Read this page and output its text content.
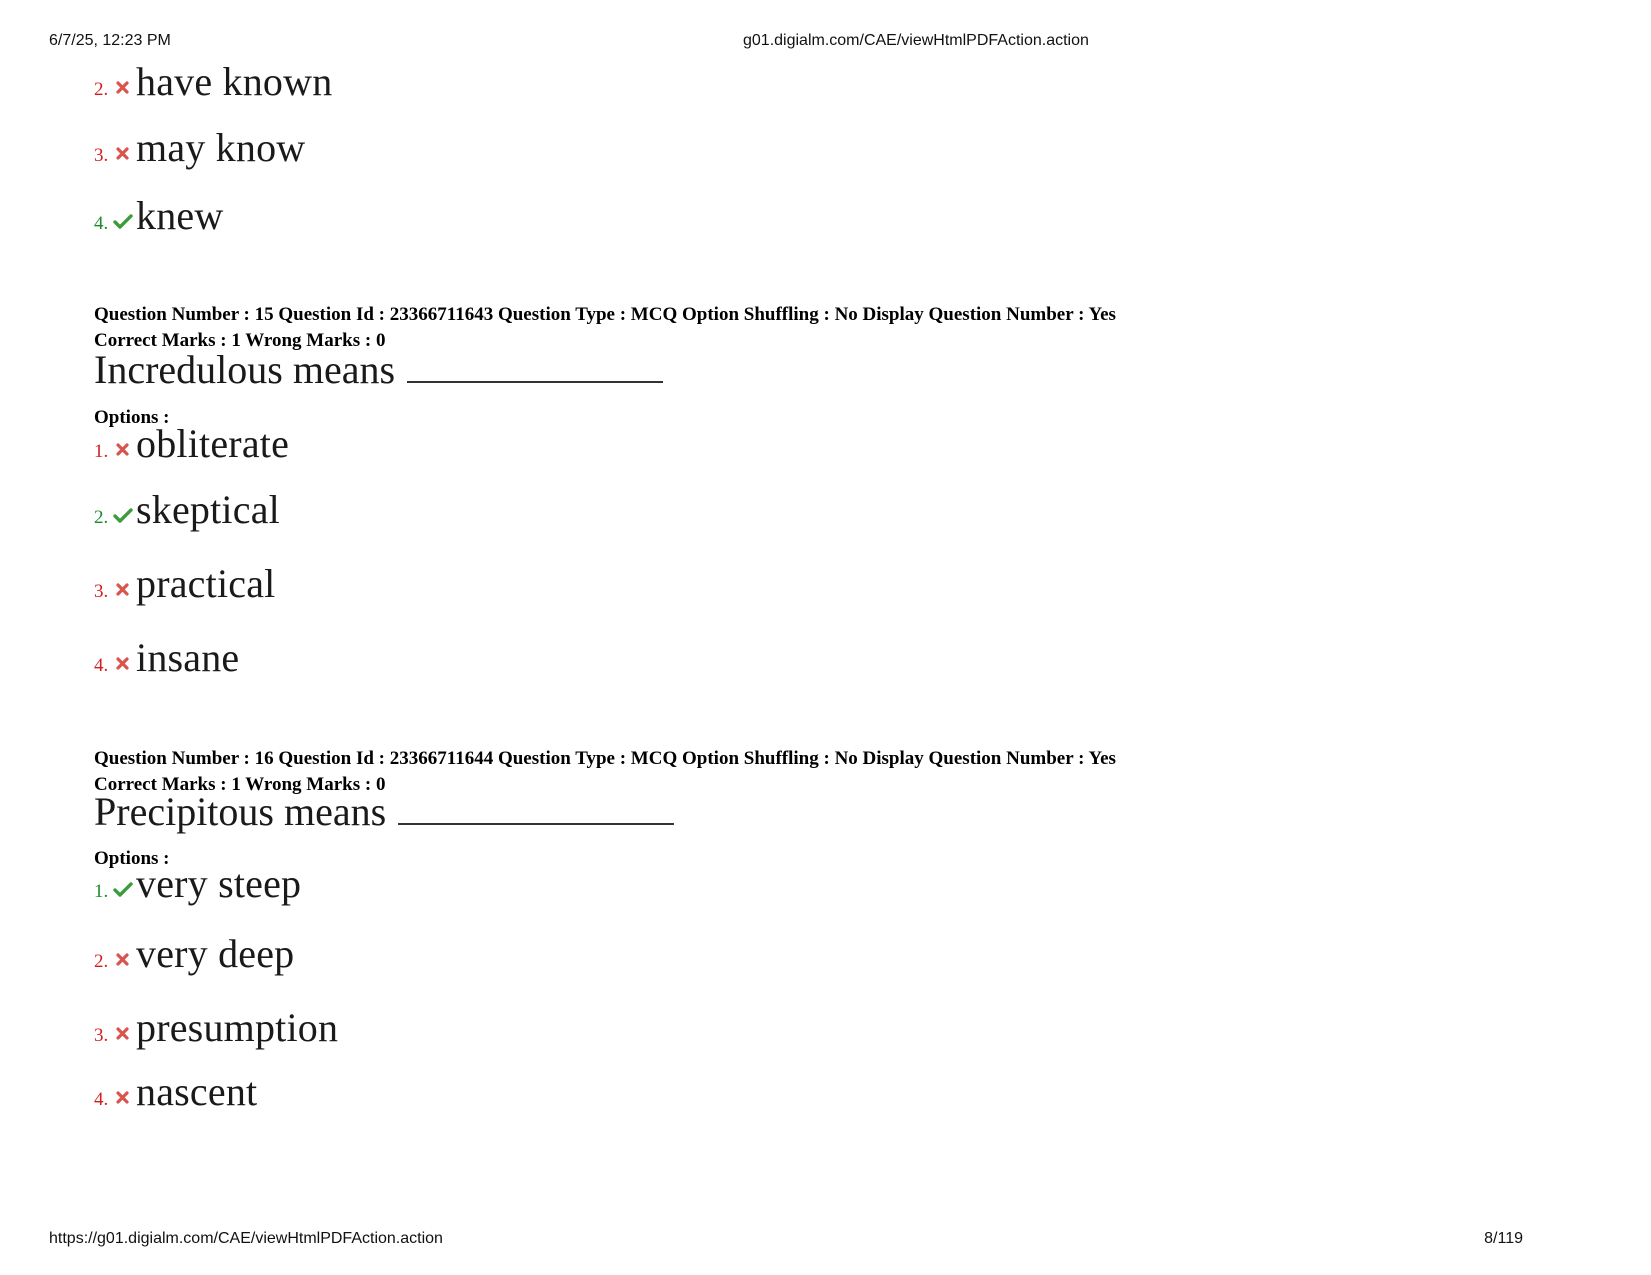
6/7/25, 12:23 PM	g01.digialm.com/CAE/viewHtmlPDFAction.action
2. have known
3. may know
4. knew
Question Number : 15 Question Id : 23366711643 Question Type : MCQ Option Shuffling : No Display Question Number : Yes
Correct Marks : 1 Wrong Marks : 0
Incredulous means
Options :
1. obliterate
2. skeptical
3. practical
4. insane
Question Number : 16 Question Id : 23366711644 Question Type : MCQ Option Shuffling : No Display Question Number : Yes
Correct Marks : 1 Wrong Marks : 0
Precipitous means
Options :
1. very steep
2. very deep
3. presumption
4. nascent
https://g01.digialm.com/CAE/viewHtmlPDFAction.action	8/119
